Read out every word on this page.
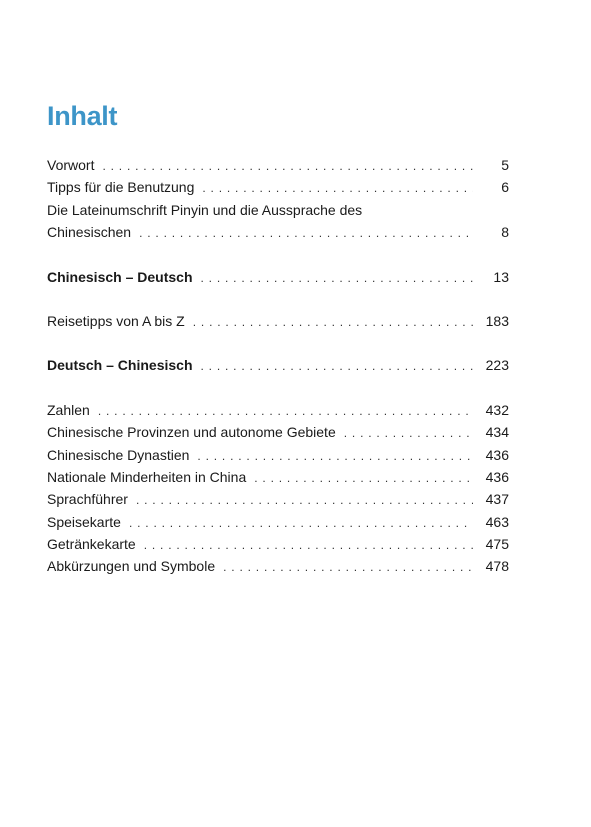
Inhalt
Vorwort . . .	5
Tipps für die Benutzung . . .	6
Die Lateinumschrift Pinyin und die Aussprache des
Chinesischen . . .	8
Chinesisch – Deutsch . . .	13
Reisetipps von A bis Z . . .	183
Deutsch – Chinesisch . . .	223
Zahlen . . .	432
Chinesische Provinzen und autonome Gebiete . . .	434
Chinesische Dynastien . . .	436
Nationale Minderheiten in China . . .	436
Sprachführer . . .	437
Speisekarte . . .	463
Getränkekarte . . .	475
Abkürzungen und Symbole . . .	478
